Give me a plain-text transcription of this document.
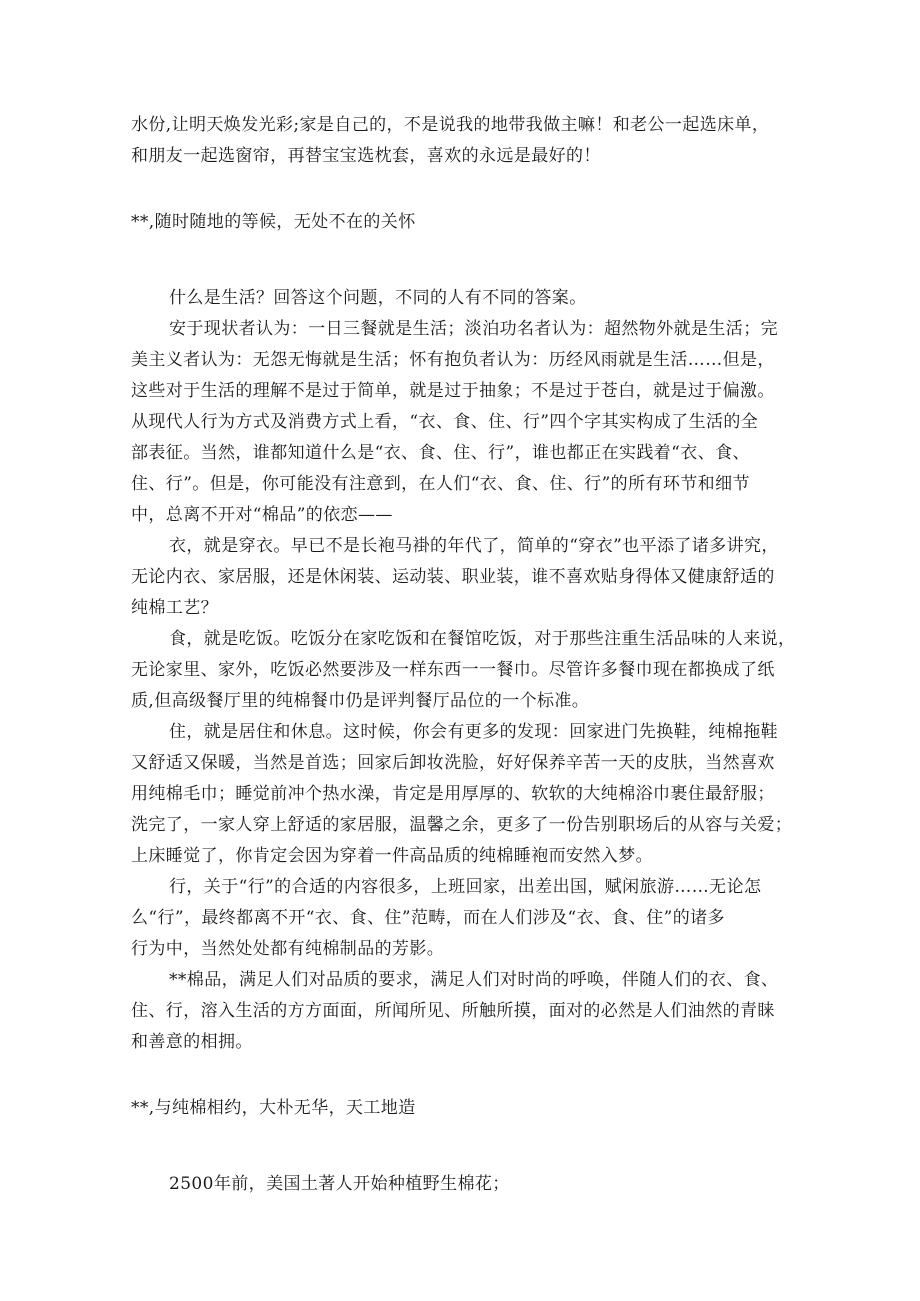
水份,让明天焕发光彩;家是自己的，不是说我的地带我做主嘛！和老公一起选床单，
和朋友一起选窗帘，再替宝宝选枕套，喜欢的永远是最好的！
**,随时随地的等候，无处不在的关怀
什么是生活？回答这个问题，不同的人有不同的答案。
安于现状者认为：一日三餐就是生活；淡泊功名者认为：超然物外就是生活；完
美主义者认为：无怨无悔就是生活；怀有抱负者认为：历经风雨就是生活……但是，
这些对于生活的理解不是过于简单，就是过于抽象；不是过于苍白，就是过于偏激。
从现代人行为方式及消费方式上看，“衣、食、住、行”四个字其实构成了生活的全
部表征。当然，谁都知道什么是“衣、食、住、行”，谁也都正在实践着“衣、食、
住、行”。但是，你可能没有注意到，在人们“衣、食、住、行”的所有环节和细节
中，总离不开对“棉品”的依恋——
衣，就是穿衣。早已不是长袍马褂的年代了，简单的“穿衣”也平添了诸多讲究，
无论内衣、家居服，还是休闲装、运动装、职业装，谁不喜欢贴身得体又健康舒适的
纯棉工艺？
食，就是吃饭。吃饭分在家吃饭和在餐馆吃饭，对于那些注重生活品味的人来说，
无论家里、家外，吃饭必然要涉及一样东西一一餐巾。尽管许多餐巾现在都换成了纸
质,但高级餐厅里的纯棉餐巾仍是评判餐厅品位的一个标准。
住，就是居住和休息。这时候，你会有更多的发现：回家进门先换鞋，纯棉拖鞋
又舒适又保暖，当然是首选；回家后卸妆洗脸，好好保养辛苦一天的皮肤，当然喜欢
用纯棉毛巾；睡觉前冲个热水澡，肯定是用厚厚的、软软的大纯棉浴巾裹住最舒服；
洗完了，一家人穿上舒适的家居服，温馨之余，更多了一份告别职场后的从容与关爱；
上床睡觉了，你肯定会因为穿着一件高品质的纯棉睡袍而安然入梦。
行，关于“行”的合适的内容很多，上班回家，出差出国，赋闲旅游……无论怎
么“行”，最终都离不开“衣、食、住”范畴，而在人们涉及“衣、食、住”的诸多
行为中，当然处处都有纯棉制品的芳影。
**棉品，满足人们对品质的要求，满足人们对时尚的呼唤，伴随人们的衣、食、
住、行，溶入生活的方方面面，所闻所见、所触所摸，面对的必然是人们油然的青睐
和善意的相拥。
**,与纯棉相约，大朴无华，天工地造
2500年前，美国土著人开始种植野生棉花；
